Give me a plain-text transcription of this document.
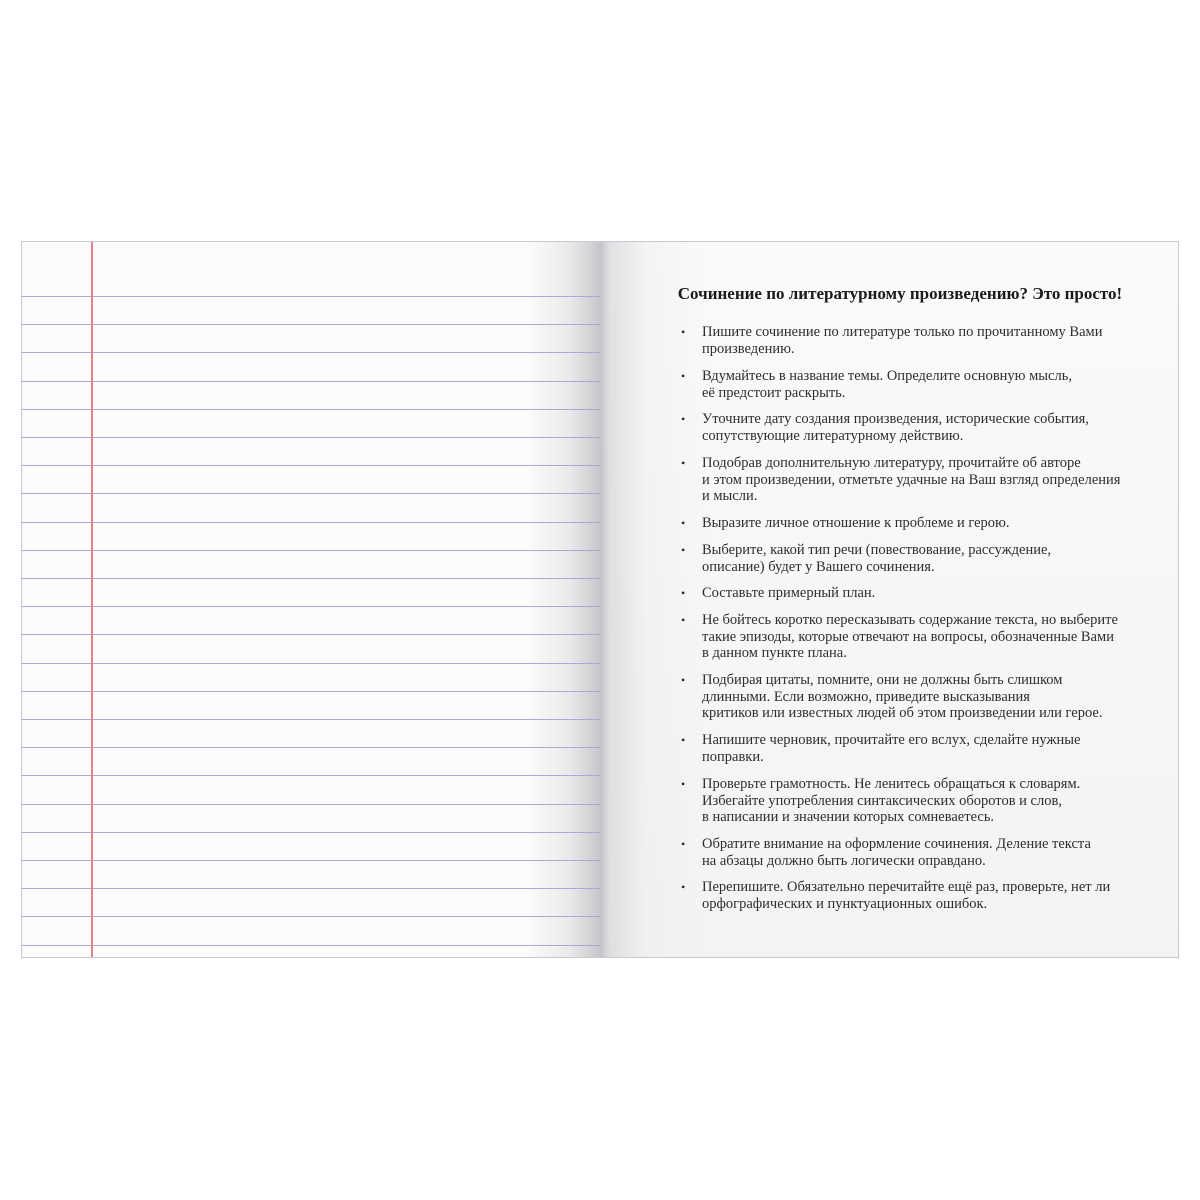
Сочинение по литературному произведению? Это просто!
• Пишите сочинение по литературе только по прочитанному Вами
произведению.
• Вдумайтесь в название темы. Определите основную мысль,
её предстоит раскрыть.
• Уточните дату создания произведения, исторические события,
сопутствующие литературному действию.
• Подобрав дополнительную литературу, прочитайте об авторе
и этом произведении, отметьте удачные на Ваш взгляд определения
и мысли.
• Выразите личное отношение к проблеме и герою.
• Выберите, какой тип речи (повествование, рассуждение,
описание) будет у Вашего сочинения.
• Составьте примерный план.
• Не бойтесь коротко пересказывать содержание текста, но выберите
такие эпизоды, которые отвечают на вопросы, обозначенные Вами
в данном пункте плана.
• Подбирая цитаты, помните, они не должны быть слишком
длинными. Если возможно, приведите высказывания
критиков или известных людей об этом произведении или герое.
• Напишите черновик, прочитайте его вслух, сделайте нужные
поправки.
• Проверьте грамотность. Не ленитесь обращаться к словарям.
Избегайте употребления синтаксических оборотов и слов,
в написании и значении которых сомневаетесь.
• Обратите внимание на оформление сочинения. Деление текста
на абзацы должно быть логически оправдано.
• Перепишите. Обязательно перечитайте ещё раз, проверьте, нет ли
орфографических и пунктуационных ошибок.
